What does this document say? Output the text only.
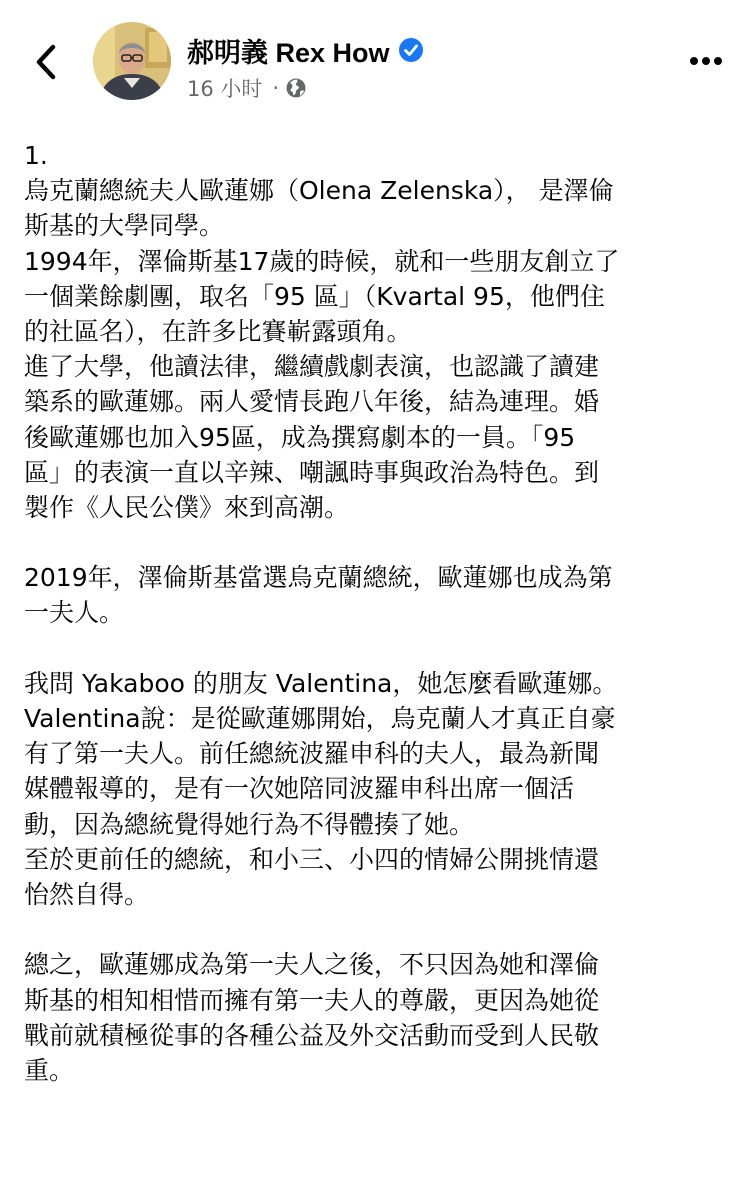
郝明義 Rex How
16 小时 ·
1.
烏克蘭總統夫人歐蓮娜（Olena Zelenska）， 是澤倫
斯基的大學同學。
1994年，澤倫斯基17歲的時候，就和一些朋友創立了
一個業餘劇團，取名「95 區」（Kvartal 95，他們住
的社區名），在許多比賽嶄露頭角。
進了大學，他讀法律，繼續戲劇表演，也認識了讀建
築系的歐蓮娜。兩人愛情長跑八年後，結為連理。婚
後歐蓮娜也加入95區，成為撰寫劇本的一員。「95
區」的表演一直以辛辣、嘲諷時事與政治為特色。到
製作《人民公僕》來到高潮。
2019年，澤倫斯基當選烏克蘭總統，歐蓮娜也成為第
一夫人。
我問 Yakaboo 的朋友 Valentina，她怎麼看歐蓮娜。
Valentina說：是從歐蓮娜開始，烏克蘭人才真正自豪
有了第一夫人。前任總統波羅申科的夫人，最為新聞
媒體報導的，是有一次她陪同波羅申科出席一個活
動，因為總統覺得她行為不得體揍了她。
至於更前任的總統，和小三、小四的情婦公開挑情還
怡然自得。
總之，歐蓮娜成為第一夫人之後，不只因為她和澤倫
斯基的相知相惜而擁有第一夫人的尊嚴，更因為她從
戰前就積極從事的各種公益及外交活動而受到人民敬
重。
